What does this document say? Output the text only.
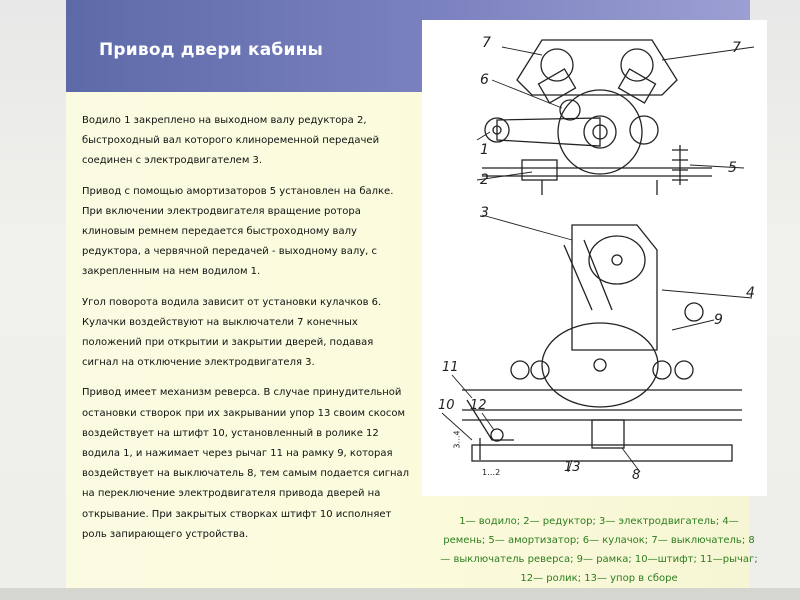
Привод двери кабины

Водило 1 закреплено на выходном валу редуктора 2, быстроходный вал которого клиноременной передачей соединен с электродвигателем 3.

Привод с помощью амортизаторов 5 установлен на балке. При включении электродвигателя вращение ротора клиновым ремнем передается быстроходному валу редуктора, а червячной передачей - выходному валу, с закрепленным на нем водилом 1.

Угол поворота водила зависит от установки кулачков 6. Кулачки воздействуют на выключатели 7 конечных положений при открытии и закрытии дверей, подавая сигнал на отключение электродвигателя 3.

Привод имеет механизм реверса. В случае принудительной остановки створок при их закрывании упор 13 своим скосом воздействует на штифт 10, установленный в ролике 12 водила 1, и нажимает через рычаг 11 на рамку 9, которая воздействует на выключатель 8, тем самым подается сигнал на переключение электродвигателя привода дверей на открывание. При закрытых створках штифт 10 исполняет роль запирающего устройства.

7	7
6
1
2
5
3
4
9
11
10 12
13
8
3…4
1…2
1— водило; 2— редуктор; 3— электродвигатель; 4— ремень; 5— амортизатор; 6— кулачок; 7— выключатель; 8— выключатель реверса; 9— рамка; 10—штифт; 11—рычаг; 12— ролик; 13— упор в сборе
